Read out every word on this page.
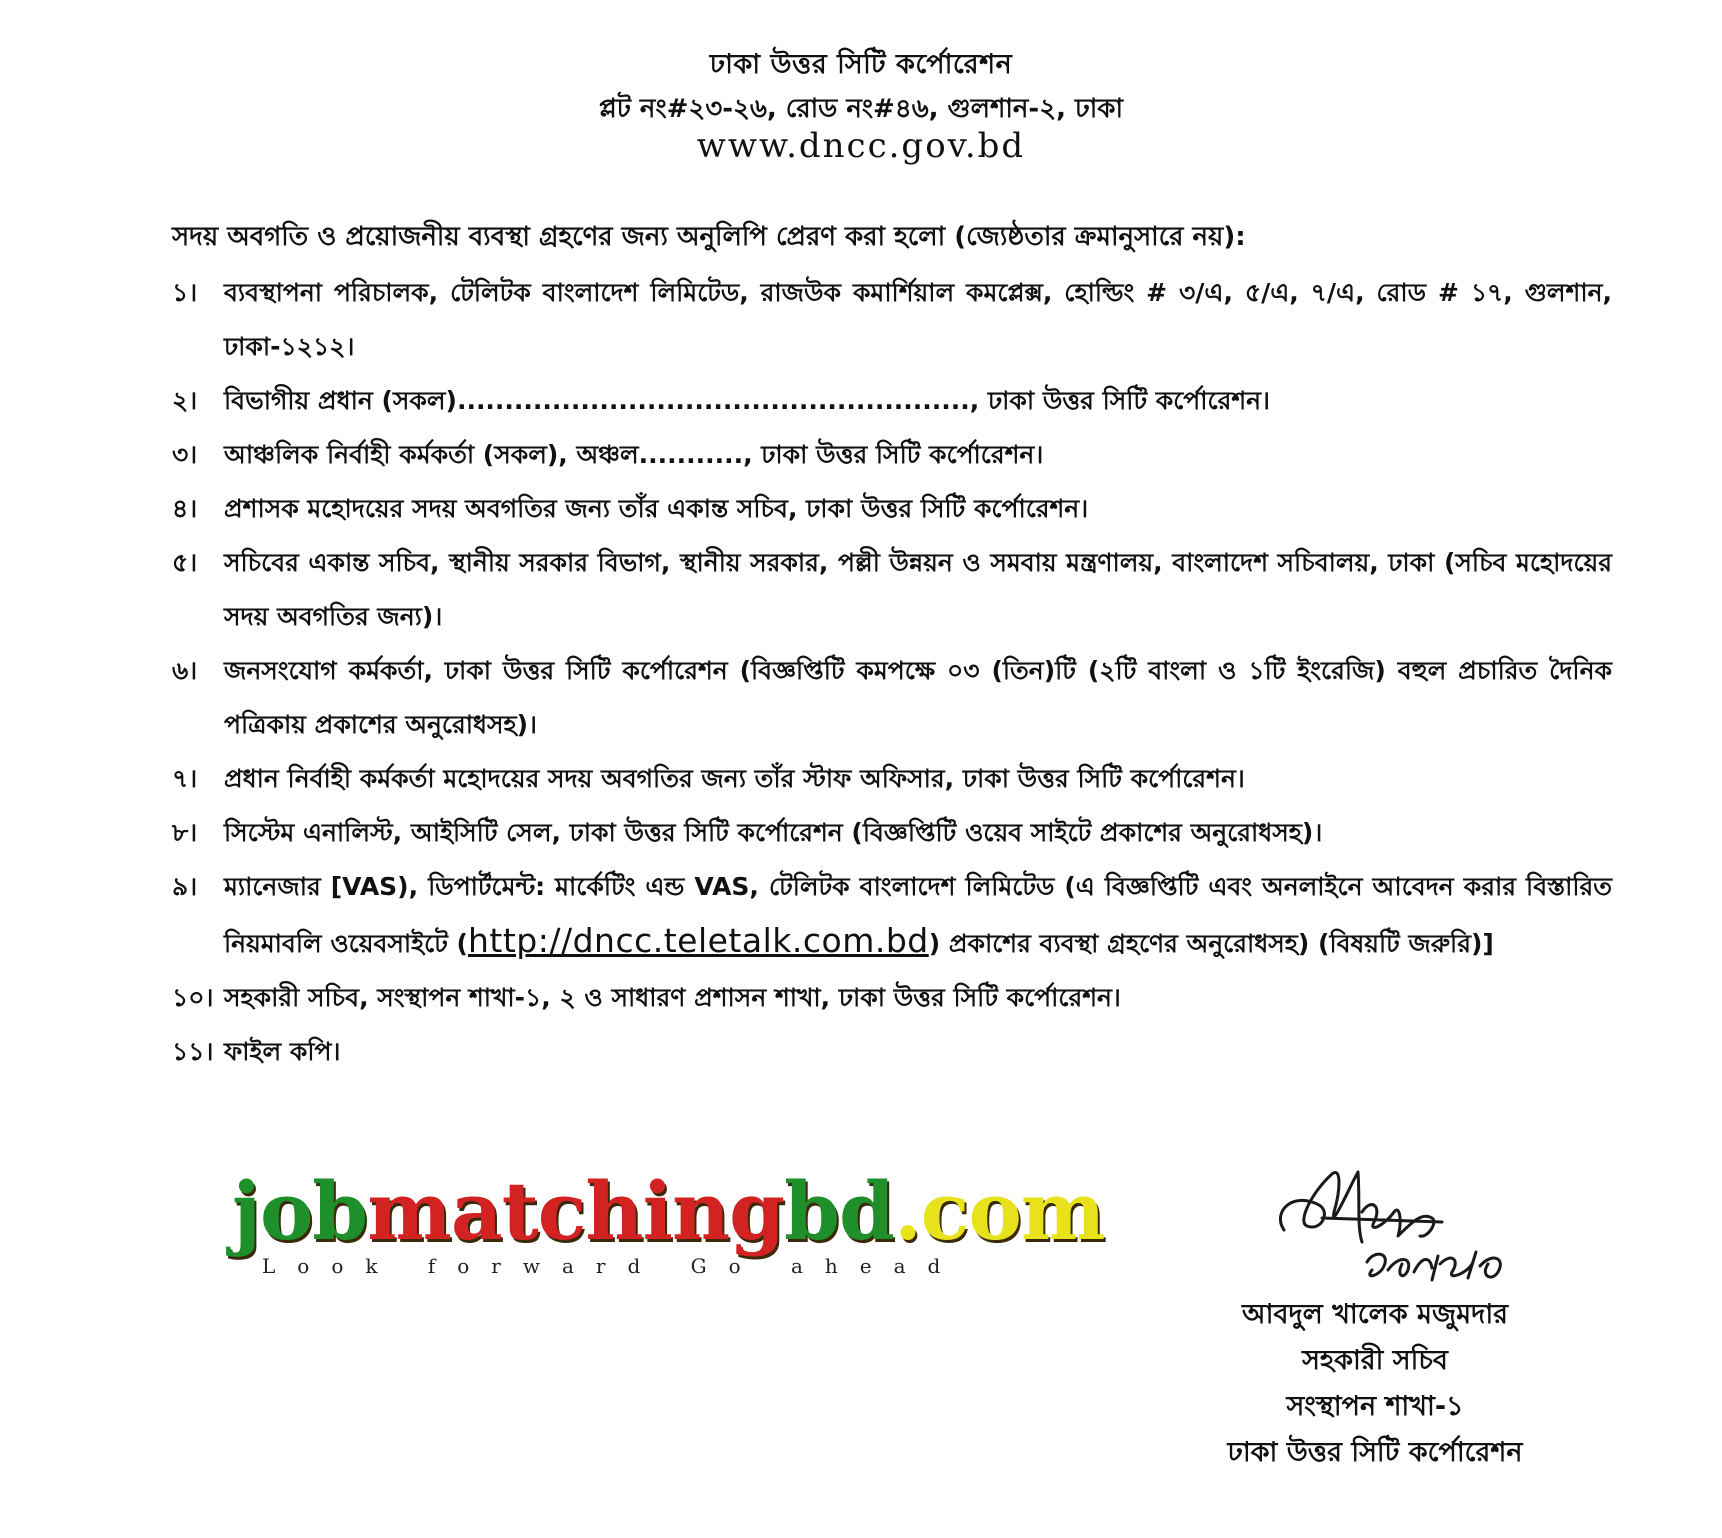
ঢাকা উত্তর সিটি কর্পোরেশন
প্লট নং#২৩-২৬, রোড নং#৪৬, গুলশান-২, ঢাকা
www.dncc.gov.bd
সদয় অবগতি ও প্রয়োজনীয় ব্যবস্থা গ্রহণের জন্য অনুলিপি প্রেরণ করা হলো (জ্যেষ্ঠতার ক্রমানুসারে নয়):
১। ব্যবস্থাপনা পরিচালক, টেলিটক বাংলাদেশ লিমিটেড, রাজউক কমার্শিয়াল কমপ্লেক্স, হোল্ডিং # ৩/এ, ৫/এ, ৭/এ, রোড # ১৭, গুলশান, ঢাকা-১২১২।
২। বিভাগীয় প্রধান (সকল)......................................................, ঢাকা উত্তর সিটি কর্পোরেশন।
৩। আঞ্চলিক নির্বাহী কর্মকর্তা (সকল), অঞ্চল..........., ঢাকা উত্তর সিটি কর্পোরেশন।
৪। প্রশাসক মহোদয়ের সদয় অবগতির জন্য তাঁর একান্ত সচিব, ঢাকা উত্তর সিটি কর্পোরেশন।
৫। সচিবের একান্ত সচিব, স্থানীয় সরকার বিভাগ, স্থানীয় সরকার, পল্লী উন্নয়ন ও সমবায় মন্ত্রণালয়, বাংলাদেশ সচিবালয়, ঢাকা (সচিব মহোদয়ের সদয় অবগতির জন্য)।
৬। জনসংযোগ কর্মকর্তা, ঢাকা উত্তর সিটি কর্পোরেশন (বিজ্ঞপ্তিটি কমপক্ষে ০৩ (তিন)টি (২টি বাংলা ও ১টি ইংরেজি) বহুল প্রচারিত দৈনিক পত্রিকায় প্রকাশের অনুরোধসহ)।
৭। প্রধান নির্বাহী কর্মকর্তা মহোদয়ের সদয় অবগতির জন্য তাঁর স্টাফ অফিসার, ঢাকা উত্তর সিটি কর্পোরেশন।
৮। সিস্টেম এনালিস্ট, আইসিটি সেল, ঢাকা উত্তর সিটি কর্পোরেশন (বিজ্ঞপ্তিটি ওয়েব সাইটে প্রকাশের অনুরোধসহ)।
৯। ম্যানেজার [VAS), ডিপার্টমেন্ট: মার্কেটিং এন্ড VAS, টেলিটক বাংলাদেশ লিমিটেড (এ বিজ্ঞপ্তিটি এবং অনলাইনে আবেদন করার বিস্তারিত নিয়মাবলি ওয়েবসাইটে (http://dncc.teletalk.com.bd) প্রকাশের ব্যবস্থা গ্রহণের অনুরোধসহ) (বিষয়টি জরুরি)]
১০। সহকারী সচিব, সংস্থাপন শাখা-১, ২ ও সাধারণ প্রশাসন শাখা, ঢাকা উত্তর সিটি কর্পোরেশন।
১১। ফাইল কপি।
jobmatchingbd.com
Look forward Go ahead
আবদুল খালেক মজুমদার
সহকারী সচিব
সংস্থাপন শাখা-১
ঢাকা উত্তর সিটি কর্পোরেশন
